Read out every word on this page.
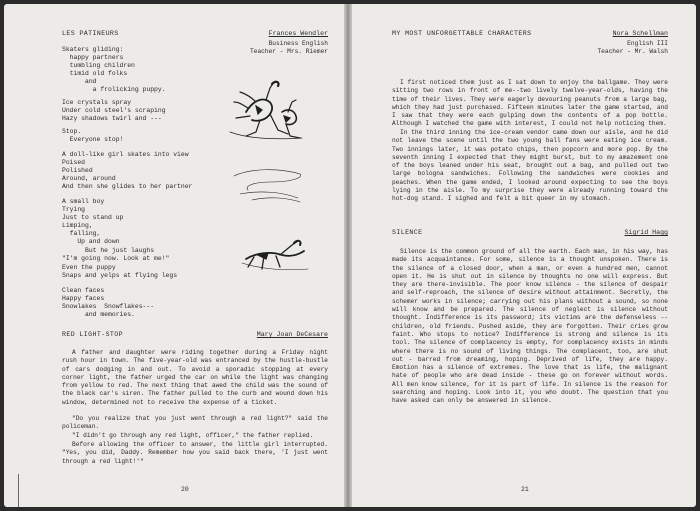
LES PATINEURS	Frances Wendler
Business English
Teacher - Mrs. Riemer
Skaters gliding:
happy partners
tumbling children
timid old folks
and
a frolicking puppy.
Ice crystals spray
Under cold steel's scraping
Hazy shadows twirl and ---
Stop.
Everyone stop!
A doll-like girl skates into view
Poised
Polished
Around, around
And then she glides to her partner
A small boy
Trying
Just to stand up
Limping,
falling,
Up and down
But he just laughs
"I'm going now. Look at me!"
Even the puppy
Snaps and yelps at flying legs
Clean faces
Happy faces
Snowlakes  Snowflakes---
and memories.
RED LIGHT-STOP	Mary Joan DeCesare
A father and daughter were riding together during a Friday night rush hour in town. The five-year-old was entranced by the hustle-bustle of cars dodging in and out. To avoid a sporadic stopping at every corner light, the father urged the car on while the light was changing from yellow to red. The next thing that awed the child was the sound of the black car's siren. The father pulled to the curb and wound down his window, determined not to receive the expense of a ticket.
"Do you realize that you just went through a red light?" said the policeman.
"I didn't go through any red light, officer," the father replied.
Before allowing the officer to answer, the little girl interrupted. "Yes, you did, Daddy. Remember how you said back there, 'I just went through a red light!'"
20
MY MOST UNFORGETTABLE CHARACTERS	Nora Schellman
English III
Teacher - Mr. Walsh
I first noticed them just as I sat down to enjoy the ballgame. They were sitting two rows in front of me--two lively twelve-year-olds, having the time of their lives. They were eagerly devouring peanuts from a large bag, which they had just purchased. Fifteen minutes later the game started, and I saw that they were each gulping down the contents of a pop bottle. Although I watched the game with interest, I could not help noticing them.
In the third inning the ice-cream vendor came down our aisle, and he did not leave the scene until the two young ball fans were eating ice cream. Two innings later, it was potato chips, then popcorn and more pop. By the seventh inning I expected that they might burst, but to my amazement one of the boys leaned under his seat, brought out a bag, and pulled out two large bologna sandwiches. Following the sandwiches were cookies and peaches. When the game ended, I looked around expecting to see the boys lying in the aisle. To my surprise they were already running toward the hot-dog stand. I sighed and felt a bit queer in my stomach.
SILENCE	Sigrid Hagg
Silence is the common ground of all the earth. Each man, in his way, has made its acquaintance. For some, silence is a thought unspoken. There is the silence of a closed door, when a man, or even a hundred men, cannot open it. He is shut out in silence by thoughts no one will express. But they are there-invisible. The poor know silence - the silence of despair and self-reproach, the silence of desire without attainment. Secretly, the schemer works in silence; carrying out his plans without a sound, so none will know and be prepared. The silence of neglect is silence without thought. Indifference is its password; its victims are the defenseless -- children, old friends. Pushed aside, they are forgotten. Their cries grow faint. Who stops to notice? Indifference is strong and silence is its tool. The silence of complacency is empty, for complacency exists in minds where there is no sound of living things. The complacent, too, are shut out - barred from dreaming, hoping. Deprived of life, they are happy. Emotion has a silence of extremes. The love that is life, the malignant hate of people who are dead inside - these go on forever without words. All men know silence, for it is part of life. In silence is the reason for searching and hoping. Look into it, you who doubt. The question that you have asked can only be answered in silence.
21
